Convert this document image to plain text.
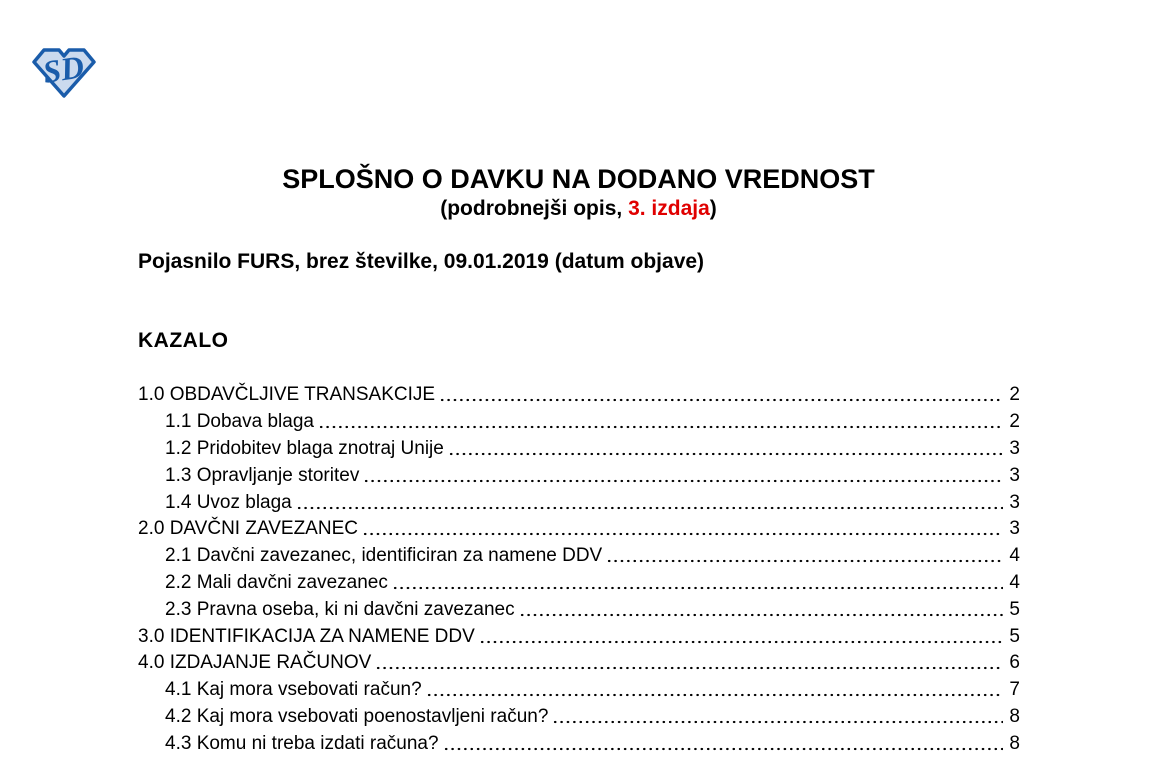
SD
SPLOŠNO O DAVKU NA DODANO VREDNOST
(podrobnejši opis, 3. izdaja)
Pojasnilo FURS, brez številke, 09.01.2019 (datum objave)
KAZALO
1.0 OBDAVČLJIVE TRANSAKCIJE	2
1.1 Dobava blaga	2
1.2 Pridobitev blaga znotraj Unije	3
1.3 Opravljanje storitev	3
1.4 Uvoz blaga	3
2.0 DAVČNI ZAVEZANEC	3
2.1 Davčni zavezanec, identificiran za namene DDV	4
2.2 Mali davčni zavezanec	4
2.3 Pravna oseba, ki ni davčni zavezanec	5
3.0 IDENTIFIKACIJA ZA NAMENE DDV	5
4.0 IZDAJANJE RAČUNOV	6
4.1 Kaj mora vsebovati račun?	7
4.2 Kaj mora vsebovati poenostavljeni račun?	8
4.3 Komu ni treba izdati računa?	8
